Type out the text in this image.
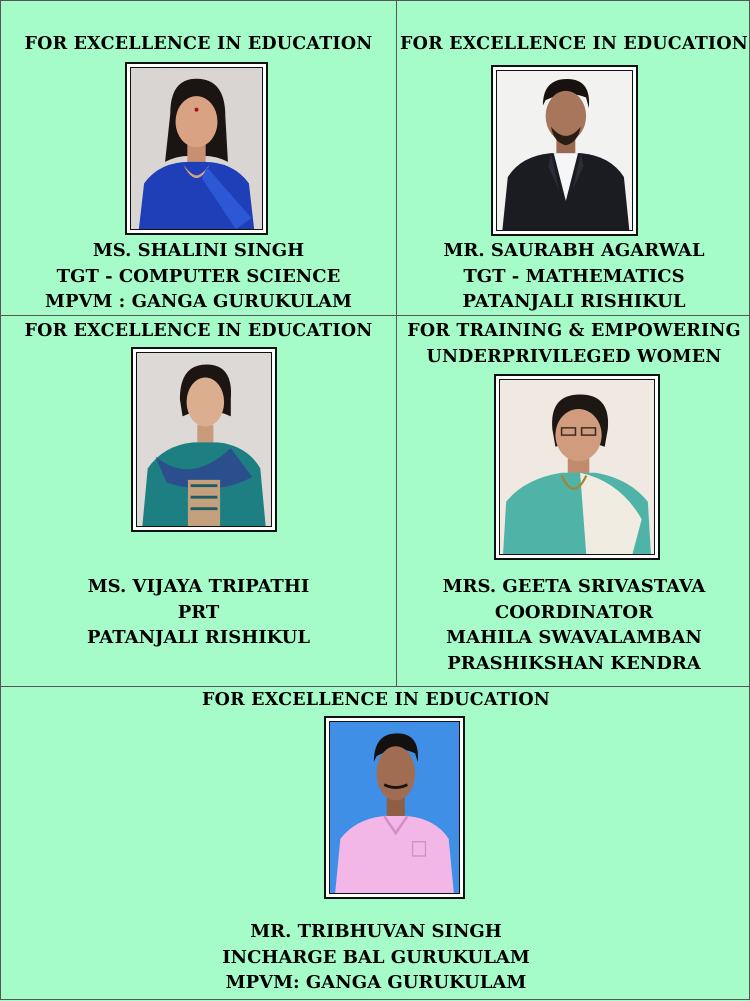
FOR EXCELLENCE IN EDUCATION
MS. SHALINI SINGH
TGT - COMPUTER SCIENCE
MPVM : GANGA GURUKULAM
FOR EXCELLENCE IN EDUCATION
MR. SAURABH AGARWAL
TGT - MATHEMATICS
PATANJALI RISHIKUL
FOR EXCELLENCE IN EDUCATION
MS. VIJAYA TRIPATHI
PRT
PATANJALI RISHIKUL
FOR TRAINING & EMPOWERING
UNDERPRIVILEGED WOMEN
MRS. GEETA SRIVASTAVA
COORDINATOR
MAHILA SWAVALAMBAN
PRASHIKSHAN KENDRA
FOR EXCELLENCE IN EDUCATION
MR. TRIBHUVAN SINGH
INCHARGE BAL GURUKULAM
MPVM: GANGA GURUKULAM
